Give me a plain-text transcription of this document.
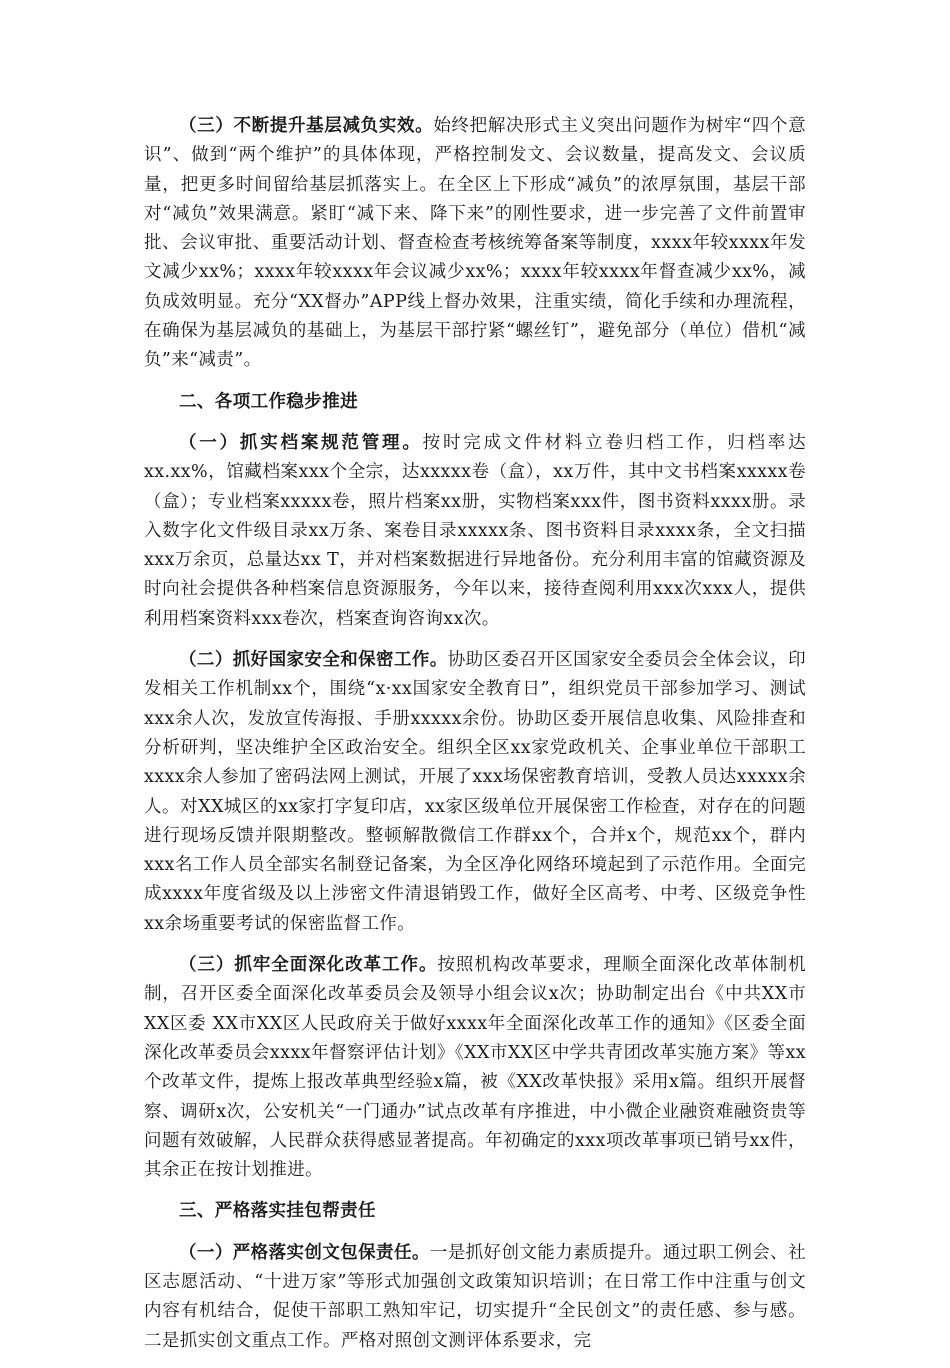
（三）不断提升基层减负实效。始终把解决形式主义突出问题作为树牢“四个意识”、做到“两个维护”的具体体现，严格控制发文、会议数量，提高发文、会议质量，把更多时间留给基层抓落实上。在全区上下形成“减负”的浓厚氛围，基层干部对“减负”效果满意。紧盯“减下来、降下来”的刚性要求，进一步完善了文件前置审批、会议审批、重要活动计划、督查检查考核统筹备案等制度，xxxx年较xxxx年发文减少xx%；xxxx年较xxxx年会议减少xx%；xxxx年较xxxx年督查减少xx%，减负成效明显。充分“XX督办”APP线上督办效果，注重实绩，简化手续和办理流程，在确保为基层减负的基础上，为基层干部拧紧“螺丝钉”，避免部分（单位）借机“减负”来“减责”。

二、各项工作稳步推进

（一）抓实档案规范管理。按时完成文件材料立卷归档工作，归档率达xx.xx%，馆藏档案xxx个全宗，达xxxxx卷（盒），xx万件，其中文书档案xxxxx卷（盒）；专业档案xxxxx卷，照片档案xx册，实物档案xxx件，图书资料xxxx册。录入数字化文件级目录xx万条、案卷目录xxxxx条、图书资料目录xxxx条，全文扫描xxx万余页，总量达xx T，并对档案数据进行异地备份。充分利用丰富的馆藏资源及时向社会提供各种档案信息资源服务，今年以来，接待查阅利用xxx次xxx人，提供利用档案资料xxx卷次，档案查询咨询xx次。

（二）抓好国家安全和保密工作。协助区委召开区国家安全委员会全体会议，印发相关工作机制xx个，围绕“x·xx国家安全教育日”，组织党员干部参加学习、测试xxx余人次，发放宣传海报、手册xxxxx余份。协助区委开展信息收集、风险排查和分析研判，坚决维护全区政治安全。组织全区xx家党政机关、企事业单位干部职工xxxx余人参加了密码法网上测试，开展了xxx场保密教育培训，受教人员达xxxxx余人。对XX城区的xx家打字复印店，xx家区级单位开展保密工作检查，对存在的问题进行现场反馈并限期整改。整顿解散微信工作群xx个，合并x个，规范xx个，群内xxx名工作人员全部实名制登记备案，为全区净化网络环境起到了示范作用。全面完成xxxx年度省级及以上涉密文件清退销毁工作，做好全区高考、中考、区级竞争性xx余场重要考试的保密监督工作。

（三）抓牢全面深化改革工作。按照机构改革要求，理顺全面深化改革体制机制，召开区委全面深化改革委员会及领导小组会议x次；协助制定出台《中共XX市XX区委 XX市XX区人民政府关于做好xxxx年全面深化改革工作的通知》《区委全面深化改革委员会xxxx年督察评估计划》《XX市XX区中学共青团改革实施方案》等xx个改革文件，提炼上报改革典型经验x篇，被《XX改革快报》采用x篇。组织开展督察、调研x次，公安机关“一门通办”试点改革有序推进，中小微企业融资难融资贵等问题有效破解，人民群众获得感显著提高。年初确定的xxx项改革事项已销号xx件，其余正在按计划推进。

三、严格落实挂包帮责任

（一）严格落实创文包保责任。一是抓好创文能力素质提升。通过职工例会、社区志愿活动、“十进万家”等形式加强创文政策知识培训；在日常工作中注重与创文内容有机结合，促使干部职工熟知牢记，切实提升“全民创文”的责任感、参与感。二是抓实创文重点工作。严格对照创文测评体系要求，完
